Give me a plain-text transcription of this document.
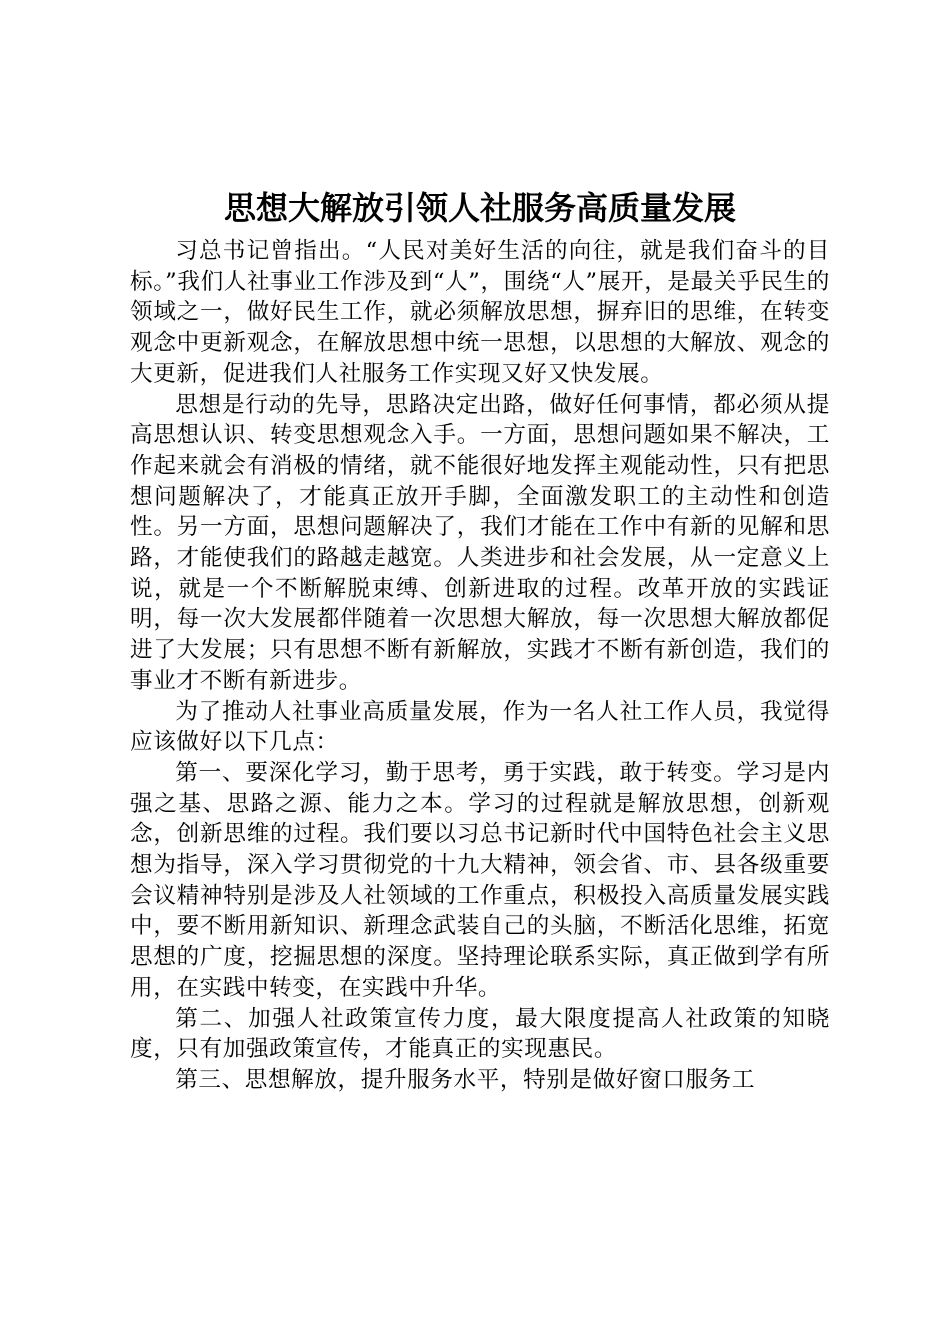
思想大解放引领人社服务高质量发展

习总书记曾指出。“人民对美好生活的向往，就是我们奋斗的目标。”我们人社事业工作涉及到“人”，围绕“人”展开，是最关乎民生的领域之一，做好民生工作，就必须解放思想，摒弃旧的思维，在转变观念中更新观念，在解放思想中统一思想，以思想的大解放、观念的大更新，促进我们人社服务工作实现又好又快发展。

思想是行动的先导，思路决定出路，做好任何事情，都必须从提高思想认识、转变思想观念入手。一方面，思想问题如果不解决，工作起来就会有消极的情绪，就不能很好地发挥主观能动性，只有把思想问题解决了，才能真正放开手脚，全面激发职工的主动性和创造性。另一方面，思想问题解决了，我们才能在工作中有新的见解和思路，才能使我们的路越走越宽。人类进步和社会发展，从一定意义上说，就是一个不断解脱束缚、创新进取的过程。改革开放的实践证明，每一次大发展都伴随着一次思想大解放，每一次思想大解放都促进了大发展；只有思想不断有新解放，实践才不断有新创造，我们的事业才不断有新进步。

为了推动人社事业高质量发展，作为一名人社工作人员，我觉得应该做好以下几点：

第一、要深化学习，勤于思考，勇于实践，敢于转变。学习是内强之基、思路之源、能力之本。学习的过程就是解放思想，创新观念，创新思维的过程。我们要以习总书记新时代中国特色社会主义思想为指导，深入学习贯彻党的十九大精神，领会省、市、县各级重要会议精神特别是涉及人社领域的工作重点，积极投入高质量发展实践中，要不断用新知识、新理念武装自己的头脑，不断活化思维，拓宽思想的广度，挖掘思想的深度。坚持理论联系实际，真正做到学有所用，在实践中转变，在实践中升华。

第二、加强人社政策宣传力度，最大限度提高人社政策的知晓度，只有加强政策宣传，才能真正的实现惠民。

第三、思想解放，提升服务水平，特别是做好窗口服务工
